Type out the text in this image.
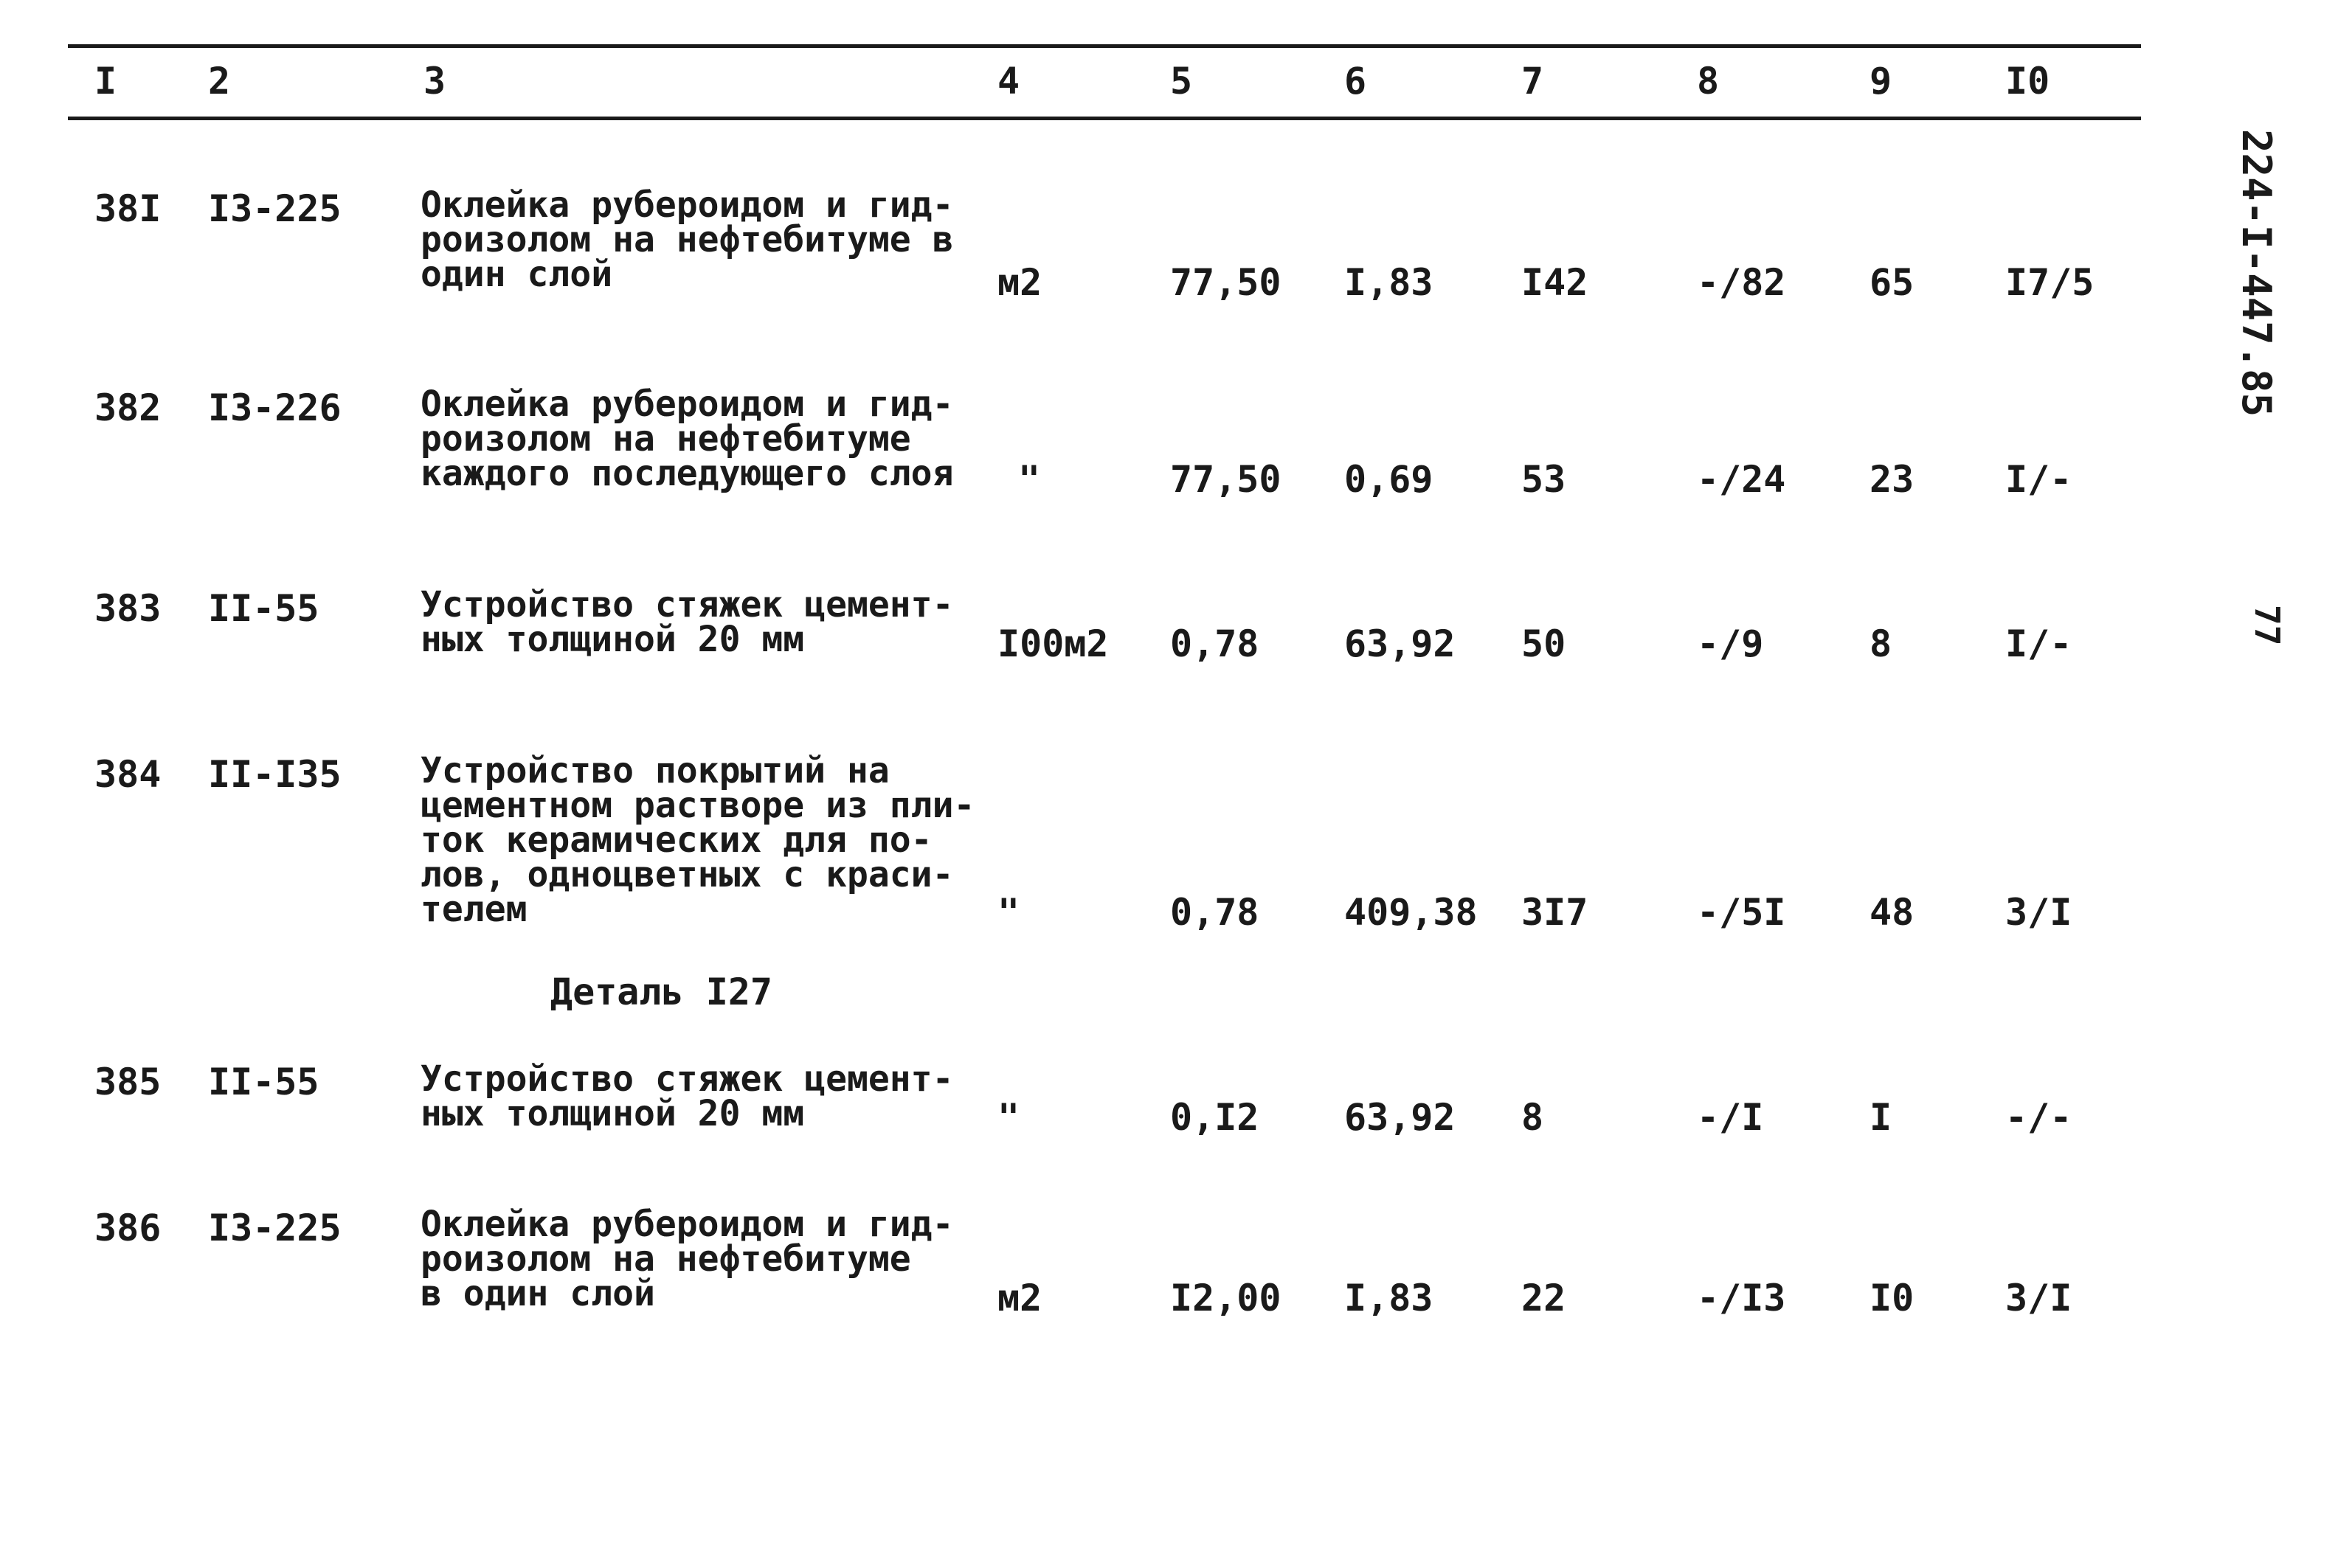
I 2	3	4	5	6	7	8	9	I0
38I I3-225 Оклейка рубероидом и гид-
роизолом на нефтебитуме в
один слой	м2	77,50 I,83 I42	-/82 65 I7/5
382 I3-226 Оклейка рубероидом и гид-
роизолом на нефтебитуме
каждого последующего слоя	"	77,50 0,69 53	-/24 23 I/-
383 II-55	Устройство стяжек цемент-
ных толщиной 20 мм	I00м2 0,78 63,92 50	-/9	8	I/-
384 II-I35 Устройство покрытий на
цементном растворе из пли-
ток керамических для по-
лов, одноцветных с краси-
телем	"	0,78 409,38 3I7	-/5I 48 3/I
Деталь I27
385 II-55	Устройство стяжек цемент-
ных толщиной 20 мм	"	0,I2 63,92 8	-/I	I	-/-
386 I3-225 Оклейка рубероидом и гид-
роизолом на нефтебитуме
в один слой	м2	I2,00 I,83 22	-/I3 I0 3/I
224-I-447.85
77
